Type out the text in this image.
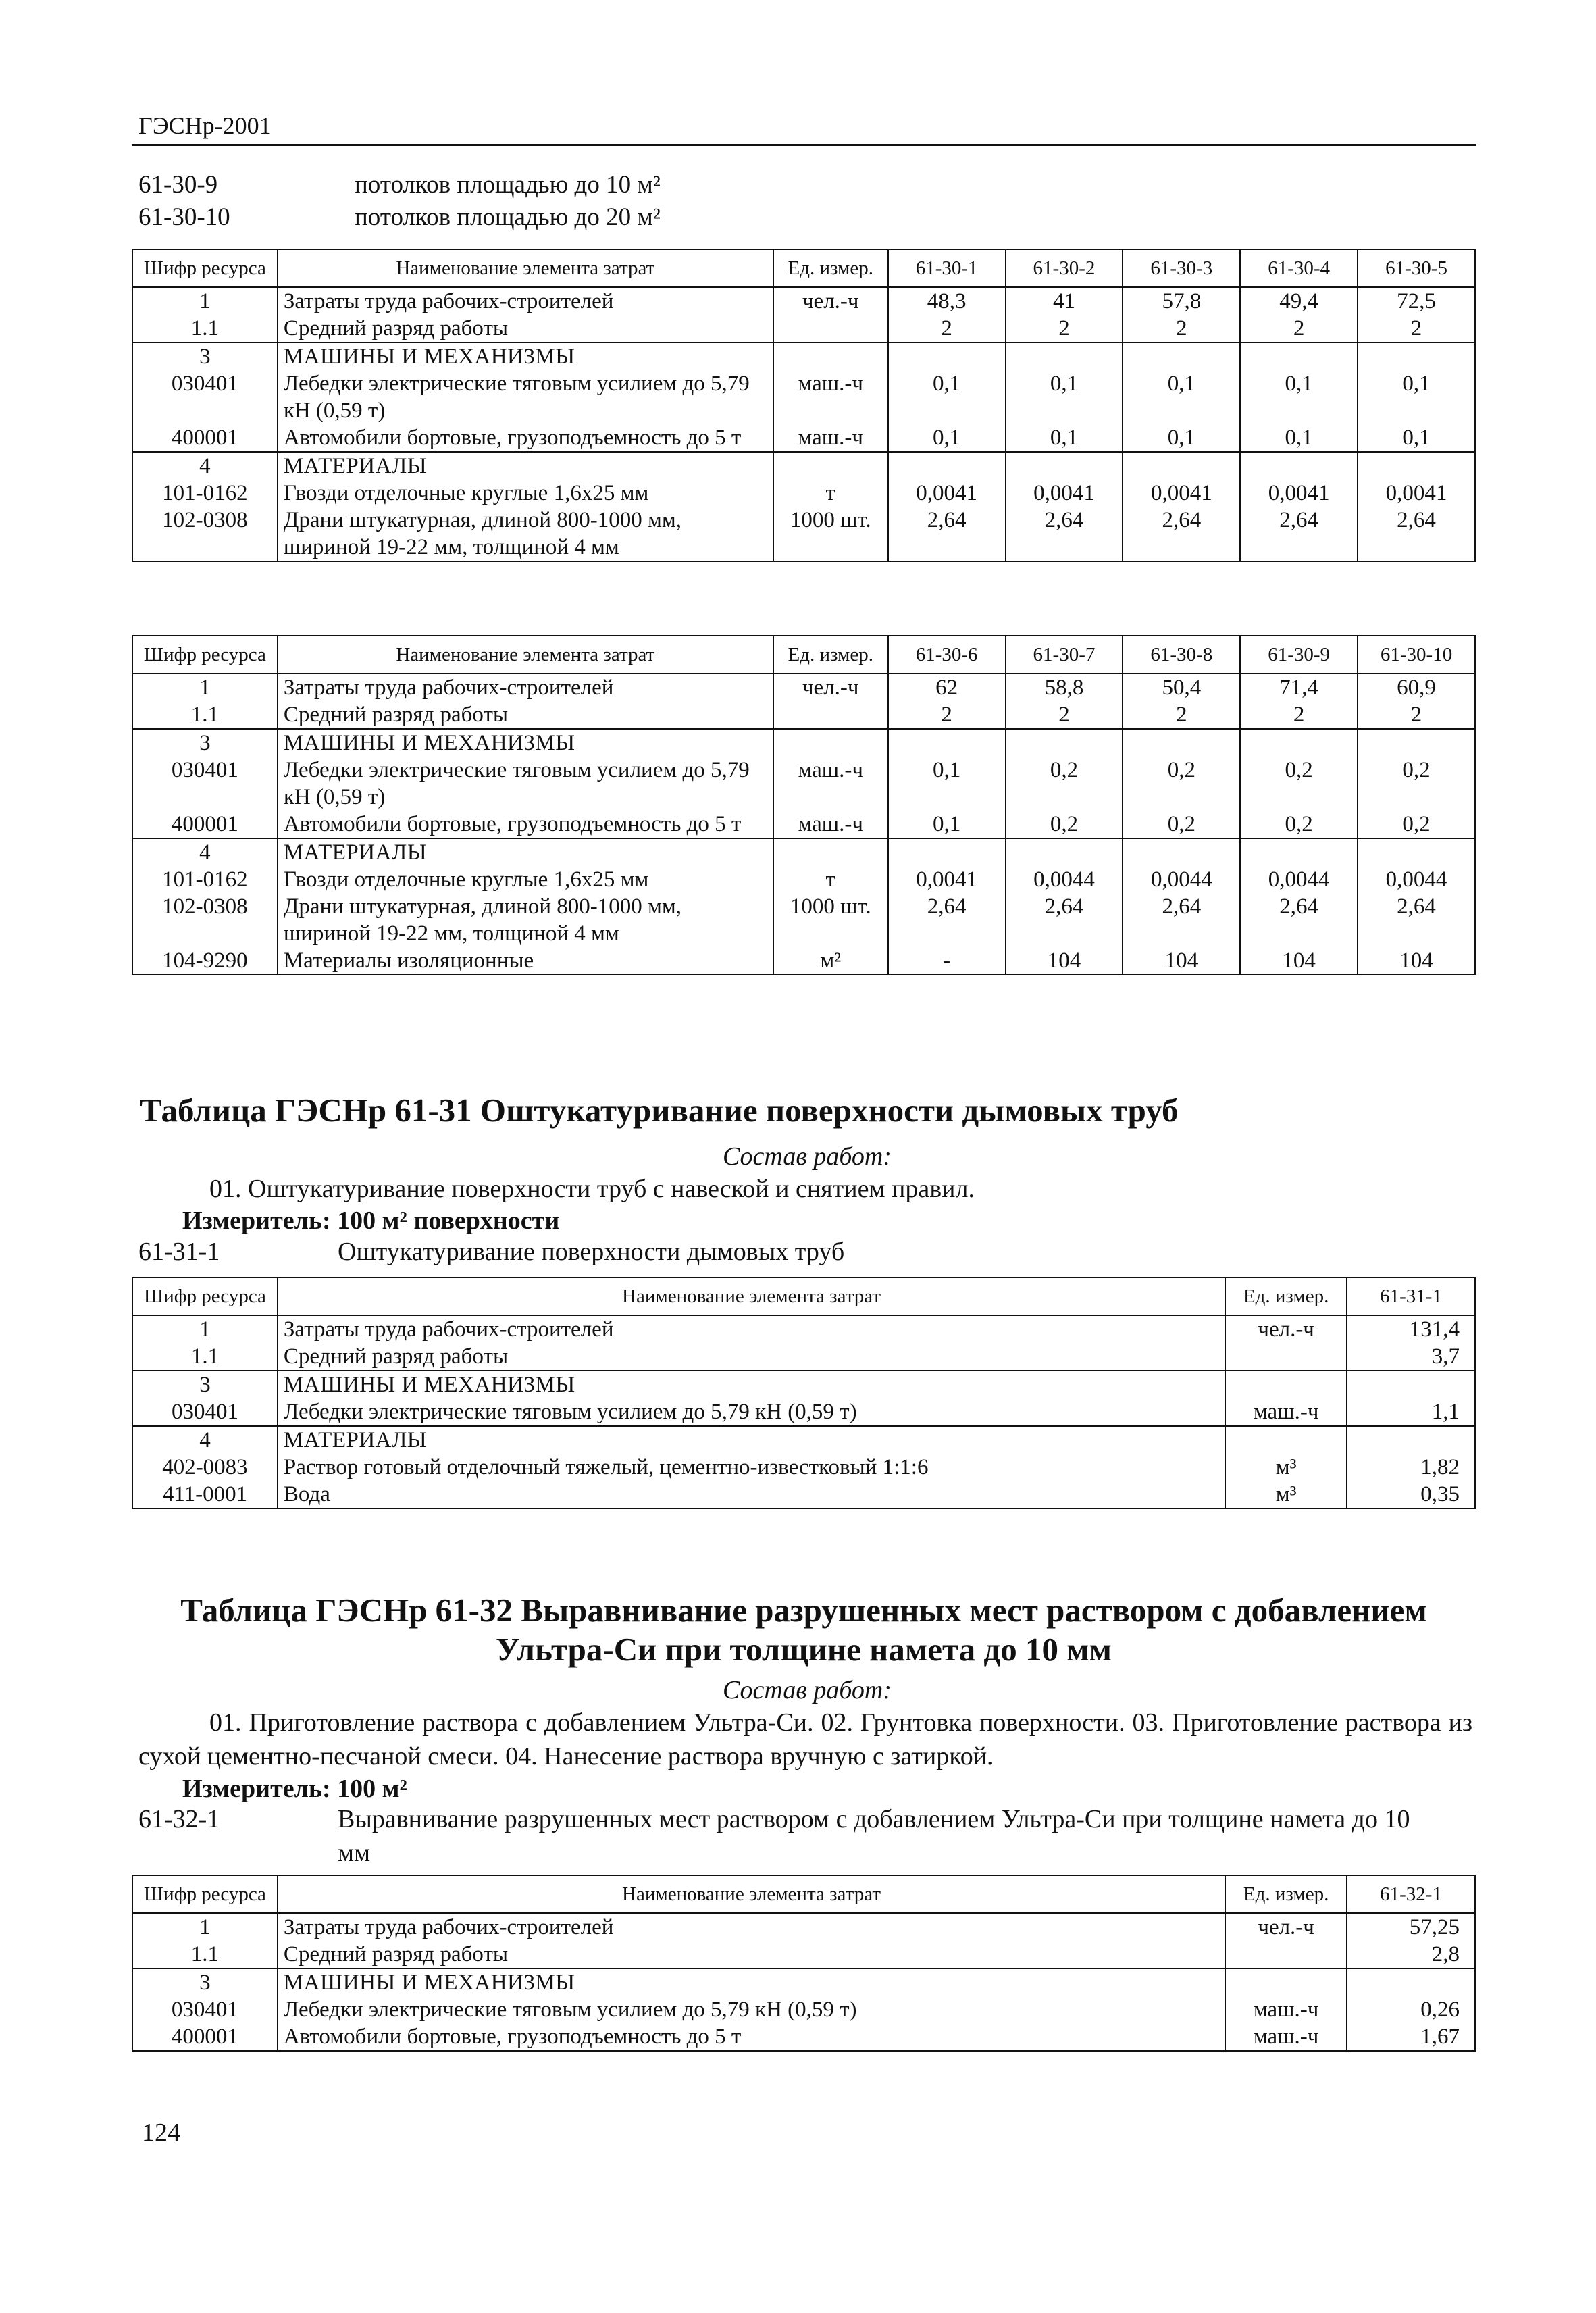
ГЭСНр-2001
61-30-9	потолков площадью до 10 м²
61-30-10	потолков площадью до 20 м²
Шифр ресурса	Наименование элемента затрат	Ед. измер.	61-30-1	61-30-2	61-30-3	61-30-4	61-30-5
1	Затраты труда рабочих-строителей	чел.-ч	48,3	41	57,8	49,4	72,5
1.1	Средний разряд работы		2	2	2	2	2
3	МАШИНЫ И МЕХАНИЗМЫ						
030401	Лебедки электрические тяговым усилием до 5,79 кН (0,59 т)	маш.-ч	0,1	0,1	0,1	0,1	0,1
400001	Автомобили бортовые, грузоподъемность до 5 т	маш.-ч	0,1	0,1	0,1	0,1	0,1
4	МАТЕРИАЛЫ						
101-0162	Гвозди отделочные круглые 1,6х25 мм	т	0,0041	0,0041	0,0041	0,0041	0,0041
102-0308	Драни штукатурная, длиной 800-1000 мм, шириной 19-22 мм, толщиной 4 мм	1000 шт.	2,64	2,64	2,64	2,64	2,64
Шифр ресурса	Наименование элемента затрат	Ед. измер.	61-30-6	61-30-7	61-30-8	61-30-9	61-30-10
1	Затраты труда рабочих-строителей	чел.-ч	62	58,8	50,4	71,4	60,9
1.1	Средний разряд работы		2	2	2	2	2
3	МАШИНЫ И МЕХАНИЗМЫ						
030401	Лебедки электрические тяговым усилием до 5,79 кН (0,59 т)	маш.-ч	0,1	0,2	0,2	0,2	0,2
400001	Автомобили бортовые, грузоподъемность до 5 т	маш.-ч	0,1	0,2	0,2	0,2	0,2
4	МАТЕРИАЛЫ						
101-0162	Гвозди отделочные круглые 1,6х25 мм	т	0,0041	0,0044	0,0044	0,0044	0,0044
102-0308	Драни штукатурная, длиной 800-1000 мм, шириной 19-22 мм, толщиной 4 мм	1000 шт.	2,64	2,64	2,64	2,64	2,64
104-9290	Материалы изоляционные	м²	-	104	104	104	104
Таблица ГЭСНр 61-31 Оштукатуривание поверхности дымовых труб
Состав работ:
01. Оштукатуривание поверхности труб с навеской и снятием правил.
Измеритель: 100 м² поверхности
61-31-1	Оштукатуривание поверхности дымовых труб
Шифр ресурса	Наименование элемента затрат	Ед. измер.	61-31-1
1	Затраты труда рабочих-строителей	чел.-ч	131,4
1.1	Средний разряд работы		3,7
3	МАШИНЫ И МЕХАНИЗМЫ		
030401	Лебедки электрические тяговым усилием до 5,79 кН (0,59 т)	маш.-ч	1,1
4	МАТЕРИАЛЫ		
402-0083	Раствор готовый отделочный тяжелый, цементно-известковый 1:1:6	м³	1,82
411-0001	Вода	м³	0,35
Таблица ГЭСНр 61-32 Выравнивание разрушенных мест раствором с добавлением
Ультра-Си при толщине намета до 10 мм
Состав работ:
01. Приготовление раствора с добавлением Ультра-Си. 02. Грунтовка поверхности. 03. Приготовление раствора из сухой цементно-песчаной смеси. 04. Нанесение раствора вручную с затиркой.
Измеритель: 100 м²
61-32-1	Выравнивание разрушенных мест раствором с добавлением Ультра-Си при толщине намета до 10 мм
Шифр ресурса	Наименование элемента затрат	Ед. измер.	61-32-1
1	Затраты труда рабочих-строителей	чел.-ч	57,25
1.1	Средний разряд работы		2,8
3	МАШИНЫ И МЕХАНИЗМЫ		
030401	Лебедки электрические тяговым усилием до 5,79 кН (0,59 т)	маш.-ч	0,26
400001	Автомобили бортовые, грузоподъемность до 5 т	маш.-ч	1,67
124
